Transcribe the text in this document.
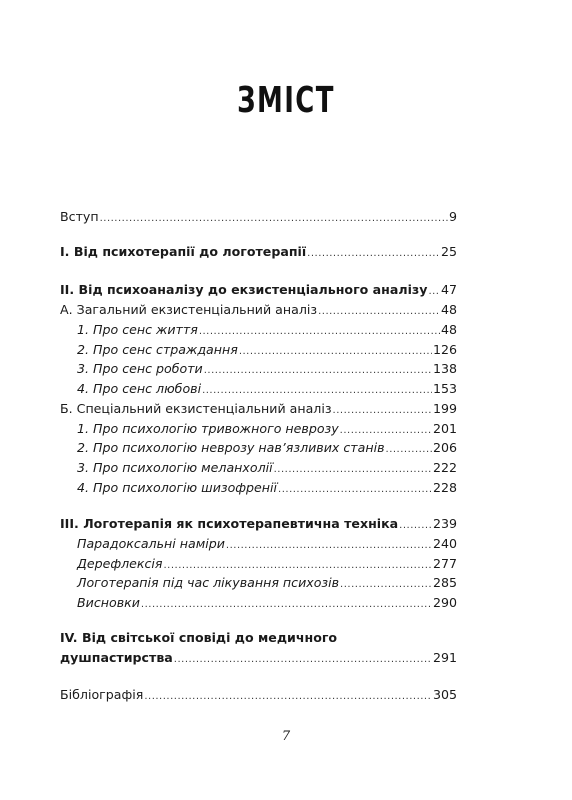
ЗМІСТ
Вступ .....	9
I. Від психотерапії до логотерапії .....	25
II. Від психоаналізу до екзистенціального аналізу ..... 47
А. Загальний екзистенціальний аналіз .....	48
1. Про сенс життя .....	48
2. Про сенс страждання .....	126
3. Про сенс роботи .....	138
4. Про сенс любові .....	153
Б. Спеціальний екзистенціальний аналіз .....	199
1. Про психологію тривожного неврозу .....	201
2. Про психологію неврозу нав’язливих станів .....	206
3. Про психологію меланхолії .....	222
4. Про психологію шизофренії .....	228
III. Логотерапія як психотерапевтична техніка .....	239
Парадоксальні наміри .....	240
Дерефлексія .....	277
Логотерапія під час лікування психозів .....	285
Висновки .....	290
IV. Від світської сповіді до медичного
душпастирства .....	291
Бібліографія .....	305
7
